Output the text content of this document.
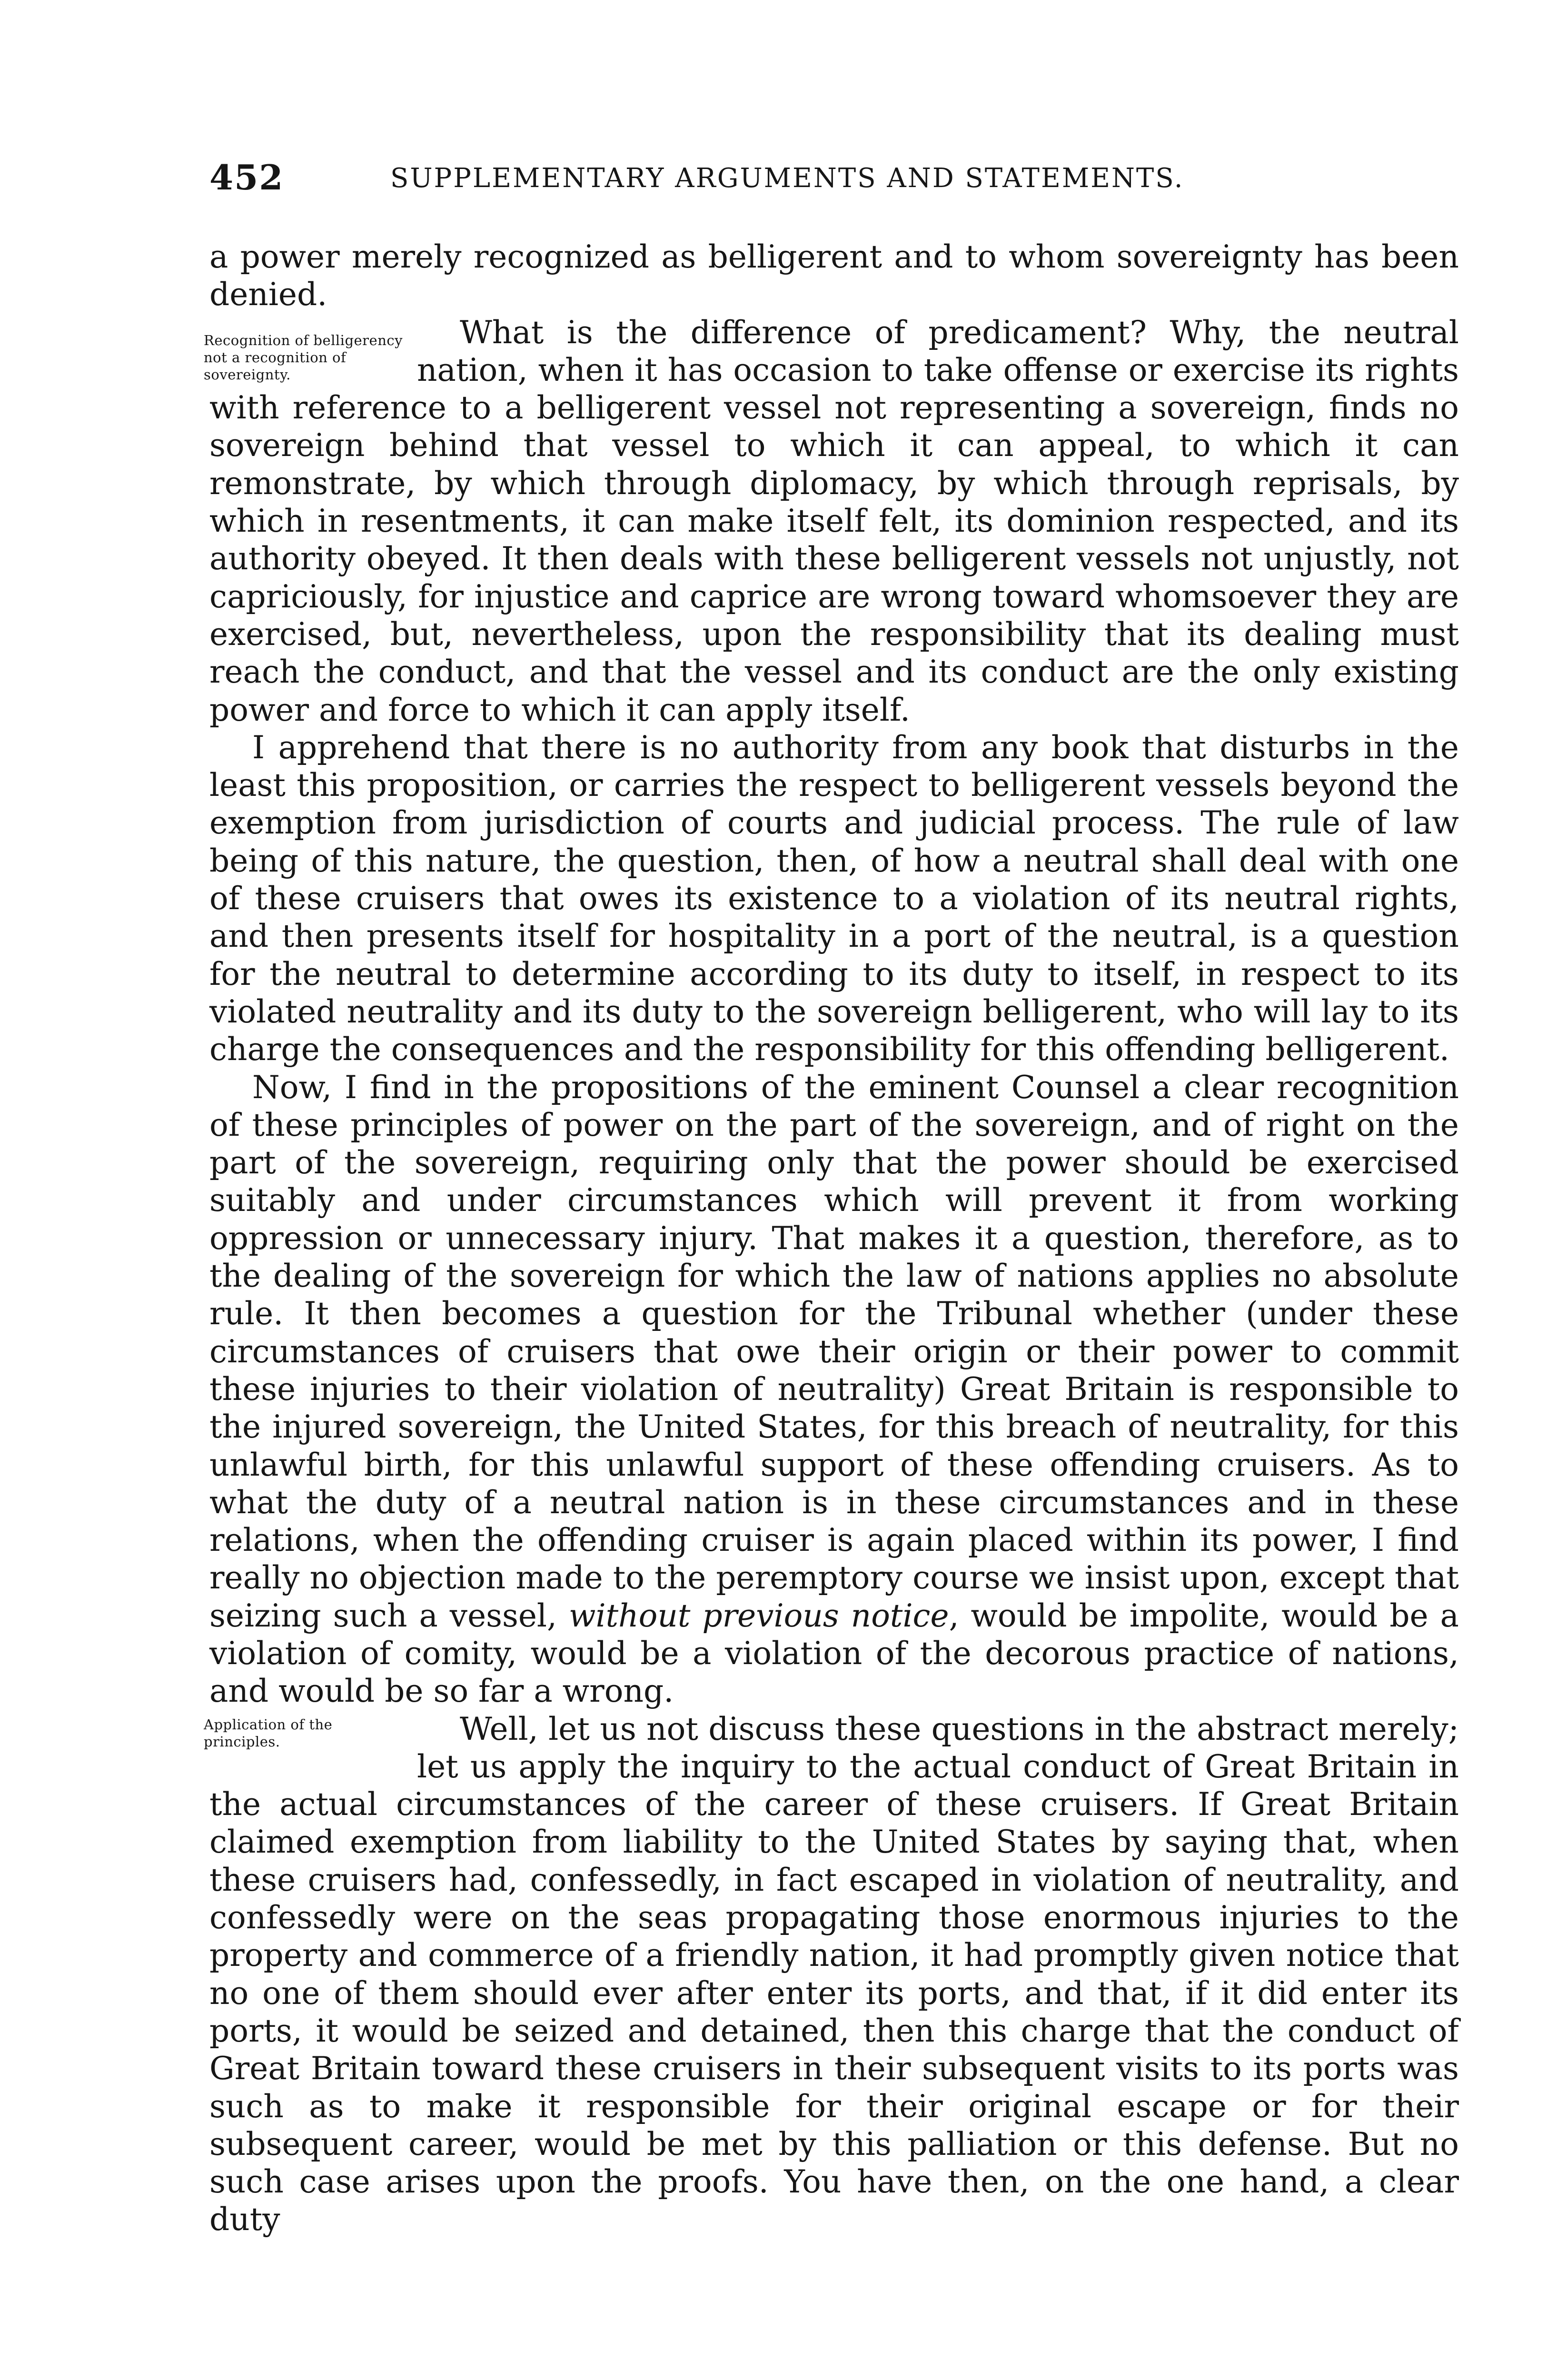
452	SUPPLEMENTARY ARGUMENTS AND STATEMENTS.

a power merely recognized as belligerent and to whom sovereignty has been denied.

Recognition of belligerency not a recognition of sovereignty.
What is the difference of predicament? Why, the neutral nation, when it has occasion to take offense or exercise its rights with reference to a belligerent vessel not representing a sovereign, finds no sovereign behind that vessel to which it can appeal, to which it can remonstrate, by which through diplomacy, by which through reprisals, by which in resentments, it can make itself felt, its dominion respected, and its authority obeyed. It then deals with these belligerent vessels not unjustly, not capriciously, for injustice and caprice are wrong toward whomsoever they are exercised, but, nevertheless, upon the responsibility that its dealing must reach the conduct, and that the vessel and its conduct are the only existing power and force to which it can apply itself.

I apprehend that there is no authority from any book that disturbs in the least this proposition, or carries the respect to belligerent vessels beyond the exemption from jurisdiction of courts and judicial process. The rule of law being of this nature, the question, then, of how a neutral shall deal with one of these cruisers that owes its existence to a violation of its neutral rights, and then presents itself for hospitality in a port of the neutral, is a question for the neutral to determine according to its duty to itself, in respect to its violated neutrality and its duty to the sovereign belligerent, who will lay to its charge the consequences and the responsibility for this offending belligerent.

Now, I find in the propositions of the eminent Counsel a clear recognition of these principles of power on the part of the sovereign, and of right on the part of the sovereign, requiring only that the power should be exercised suitably and under circumstances which will prevent it from working oppression or unnecessary injury. That makes it a question, therefore, as to the dealing of the sovereign for which the law of nations applies no absolute rule. It then becomes a question for the Tribunal whether (under these circumstances of cruisers that owe their origin or their power to commit these injuries to their violation of neutrality) Great Britain is responsible to the injured sovereign, the United States, for this breach of neutrality, for this unlawful birth, for this unlawful support of these offending cruisers. As to what the duty of a neutral nation is in these circumstances and in these relations, when the offending cruiser is again placed within its power, I find really no objection made to the peremptory course we insist upon, except that seizing such a vessel, without previous notice, would be impolite, would be a violation of comity, would be a violation of the decorous practice of nations, and would be so far a wrong.

Application of the principles.	Well, let us not discuss these questions in the abstract merely; let us apply the inquiry to the actual conduct of Great Britain in the actual circumstances of the career of these cruisers. If Great Britain claimed exemption from liability to the United States by saying that, when these cruisers had, confessedly, in fact escaped in violation of neutrality, and confessedly were on the seas propagating those enormous injuries to the property and commerce of a friendly nation, it had promptly given notice that no one of them should ever after enter its ports, and that, if it did enter its ports, it would be seized and detained, then this charge that the conduct of Great Britain toward these cruisers in their subsequent visits to its ports was such as to make it responsible for their original escape or for their subsequent career, would be met by this palliation or this defense. But no such case arises upon the proofs. You have then, on the one hand, a clear duty
